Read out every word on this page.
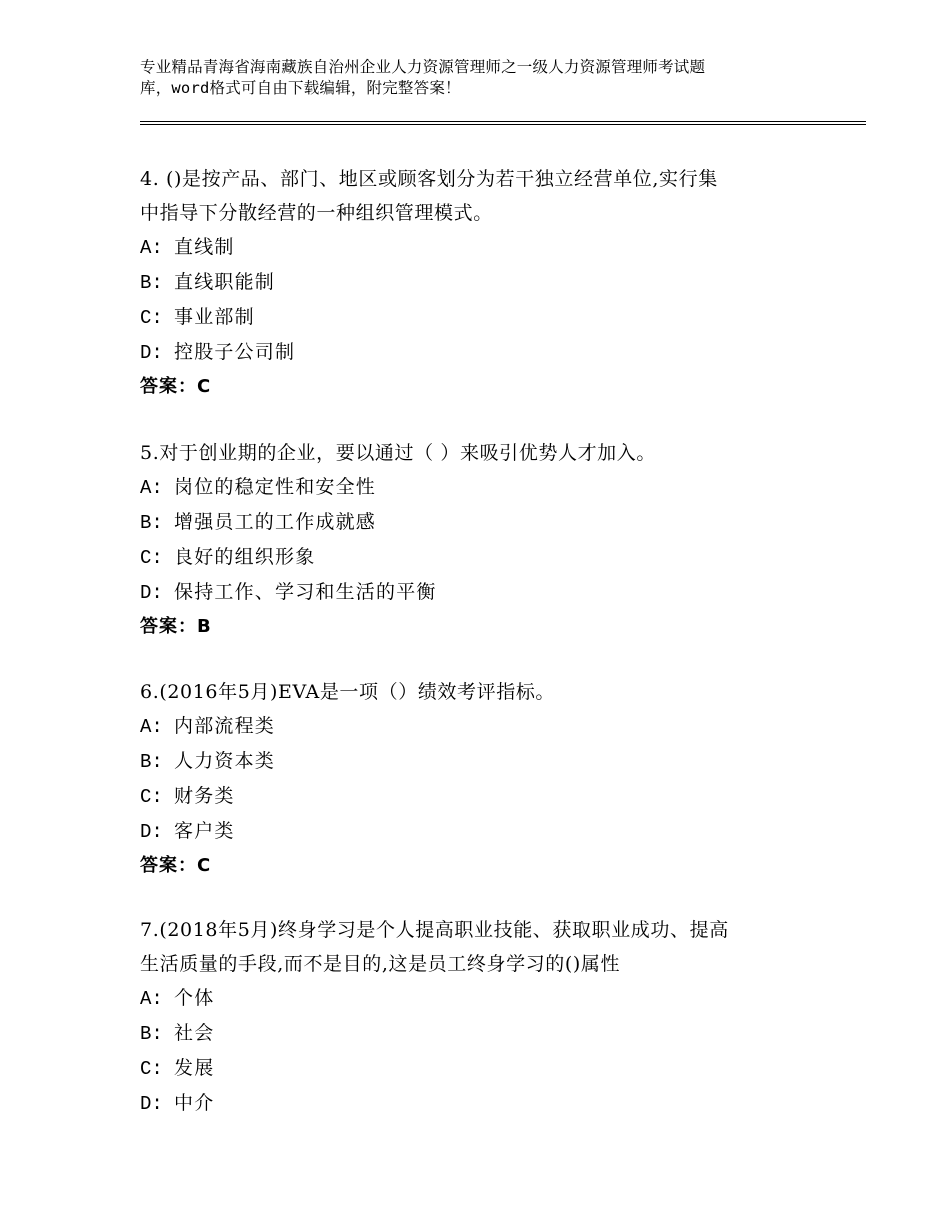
专业精品青海省海南藏族自治州企业人力资源管理师之一级人力资源管理师考试题
库，word格式可自由下载编辑，附完整答案！
4. ()是按产品、部门、地区或顾客划分为若干独立经营单位,实行集
中指导下分散经营的一种组织管理模式。
A: 直线制
B: 直线职能制
C: 事业部制
D: 控股子公司制
答案：C
5.对于创业期的企业，要以通过（ ）来吸引优势人才加入。
A: 岗位的稳定性和安全性
B: 增强员工的工作成就感
C: 良好的组织形象
D: 保持工作、学习和生活的平衡
答案：B
6.(2016年5月)EVA是一项（）绩效考评指标。
A: 内部流程类
B: 人力资本类
C: 财务类
D: 客户类
答案：C
7.(2018年5月)终身学习是个人提高职业技能、获取职业成功、提高
生活质量的手段,而不是目的,这是员工终身学习的()属性
A: 个体
B: 社会
C: 发展
D: 中介
